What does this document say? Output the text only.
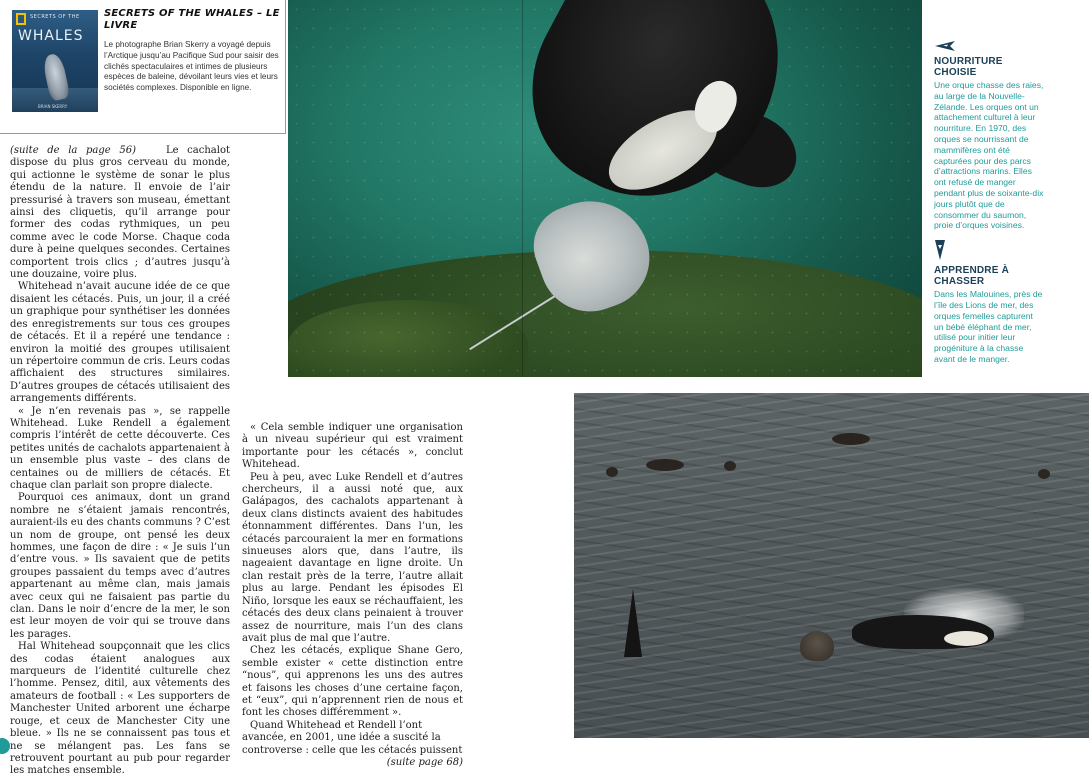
SECRETS OF THE
WHALES
BRIAN SKERRY
SECRETS OF THE WHALES – LE LIVRE
Le photographe Brian Skerry a voyagé depuis l’Arctique jusqu’au Pacifique Sud pour saisir des clichés spectaculaires et intimes de plusieurs espèces de baleine, dévoilant leurs vies et leurs sociétés complexes. Disponible en ligne.

(suite de la page 56)	Le cachalot dispose du plus gros cerveau du monde, qui actionne le système de sonar le plus étendu de la nature. Il envoie de l’air pressurisé à travers son museau, émettant ainsi des cliquetis, qu’il arrange pour former des codas rythmiques, un peu comme avec le code Morse. Chaque coda dure à peine quelques secondes. Certaines comportent trois clics ; d’autres jusqu’à une douzaine, voire plus.

Whitehead n’avait aucune idée de ce que disaient les cétacés. Puis, un jour, il a créé un graphique pour synthétiser les données des enregistrements sur tous ces groupes de cétacés. Et il a repéré une tendance : environ la moitié des groupes utilisaient un répertoire commun de cris. Leurs codas affichaient des structures similaires. D’autres groupes de cétacés utilisaient des arrangements différents.

« Je n’en revenais pas », se rappelle Whitehead. Luke Rendell a également compris l’intérêt de cette découverte. Ces petites unités de cachalots appartenaient à un ensemble plus vaste – des clans de centaines ou de milliers de cétacés. Et chaque clan parlait son propre dialecte.

Pourquoi ces animaux, dont un grand nombre ne s’étaient jamais rencontrés, auraient-ils eu des chants communs ? C’est un nom de groupe, ont pensé les deux hommes, une façon de dire : « Je suis l’un d’entre vous. » Ils savaient que de petits groupes passaient du temps avec d’autres appartenant au même clan, mais jamais avec ceux qui ne faisaient pas partie du clan. Dans le noir d’encre de la mer, le son est leur moyen de voir qui se trouve dans les parages.

Hal Whitehead soupçonnait que les clics des codas étaient analogues aux marqueurs de l’identité culturelle chez l’homme. Pensez, ditil, aux vêtements des amateurs de football : « Les supporters de Manchester United arborent une écharpe rouge, et ceux de Manchester City une bleue. » Ils ne se connaissent pas tous et ne se mélangent pas. Les fans se retrouvent pourtant au pub pour regarder les matches ensemble.

NOURRITURE CHOISIE

Une orque chasse des raies, au large de la Nouvelle-Zélande. Les orques ont un attachement culturel à leur nourriture. En 1970, des orques se nourrissant de mammifères ont été capturées pour des parcs d’attractions marins. Elles ont refusé de manger pendant plus de soixante-dix jours plutôt que de consommer du saumon, proie d’orques voisines.

APPRENDRE À CHASSER

Dans les Malouines, près de l’île des Lions de mer, des orques femelles capturent un bébé éléphant de mer, utilisé pour initier leur progéniture à la chasse avant de le manger.

« Cela semble indiquer une organisation à un niveau supérieur qui est vraiment importante pour les cétacés », conclut Whitehead.

Peu à peu, avec Luke Rendell et d’autres chercheurs, il a aussi noté que, aux Galápagos, des cachalots appartenant à deux clans distincts avaient des habitudes étonnamment différentes. Dans l’un, les cétacés parcouraient la mer en formations sinueuses alors que, dans l’autre, ils nageaient davantage en ligne droite. Un clan restait près de la terre, l’autre allait plus au large. Pendant les épisodes El Niño, lorsque les eaux se réchauffaient, les cétacés des deux clans peinaient à trouver assez de nourriture, mais l’un des clans avait plus de mal que l’autre.

Chez les cétacés, explique Shane Gero, semble exister « cette distinction entre “nous”, qui apprenons les uns des autres et faisons les choses d’une certaine façon, et “eux”, qui n’apprennent rien de nous et font les choses différemment ».

Quand Whitehead et Rendell l’ont avancée, en 2001, une idée a suscité la controverse : celle que les cétacés puissent
(suite page 68)
